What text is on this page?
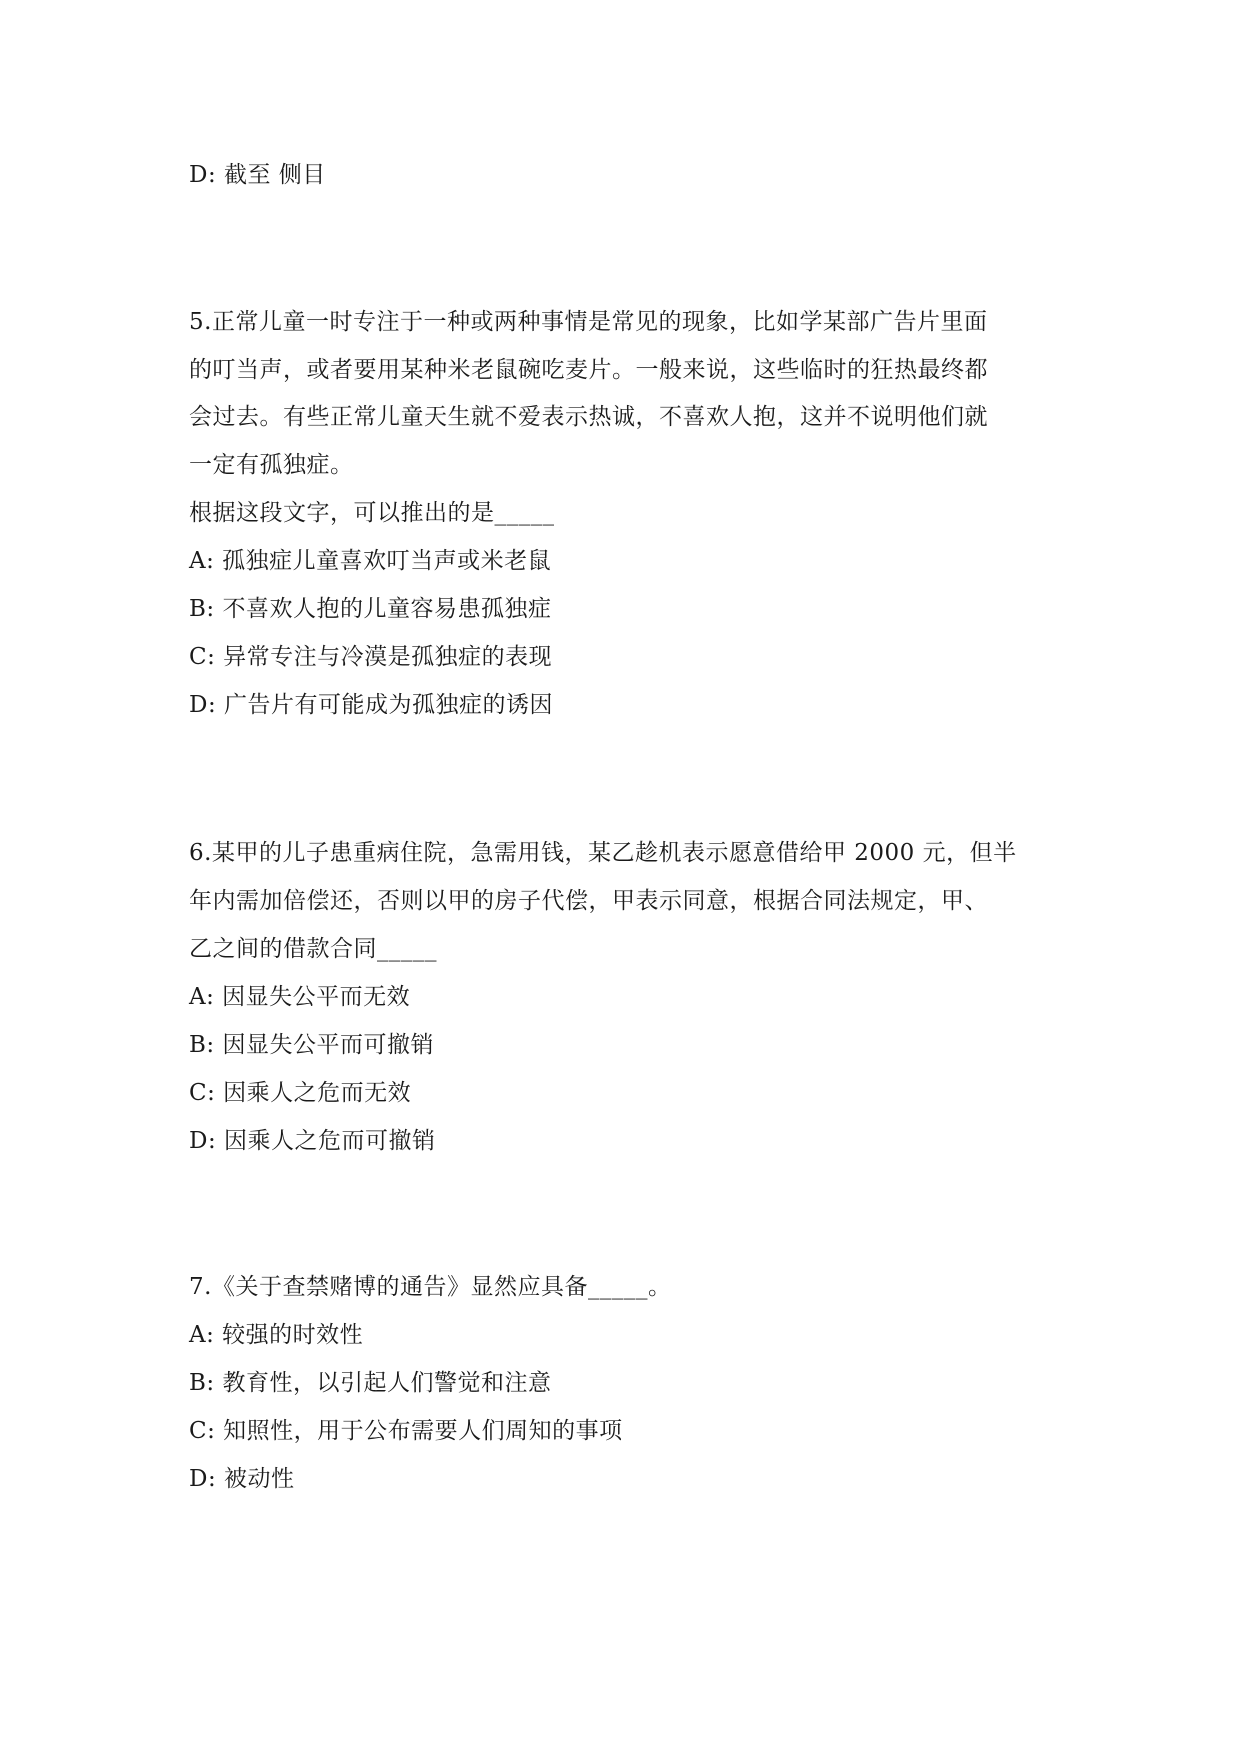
D: 截至 侧目
5.正常儿童一时专注于一种或两种事情是常见的现象，比如学某部广告片里面
的叮当声，或者要用某种米老鼠碗吃麦片。一般来说，这些临时的狂热最终都
会过去。有些正常儿童天生就不爱表示热诚，不喜欢人抱，这并不说明他们就
一定有孤独症。
根据这段文字，可以推出的是_____
A: 孤独症儿童喜欢叮当声或米老鼠
B: 不喜欢人抱的儿童容易患孤独症
C: 异常专注与冷漠是孤独症的表现
D: 广告片有可能成为孤独症的诱因
6.某甲的儿子患重病住院，急需用钱，某乙趁机表示愿意借给甲 2000 元，但半
年内需加倍偿还，否则以甲的房子代偿，甲表示同意，根据合同法规定，甲、
乙之间的借款合同_____
A: 因显失公平而无效
B: 因显失公平而可撤销
C: 因乘人之危而无效
D: 因乘人之危而可撤销
7.《关于查禁赌博的通告》显然应具备_____。
A: 较强的时效性
B: 教育性，以引起人们警觉和注意
C: 知照性，用于公布需要人们周知的事项
D: 被动性
